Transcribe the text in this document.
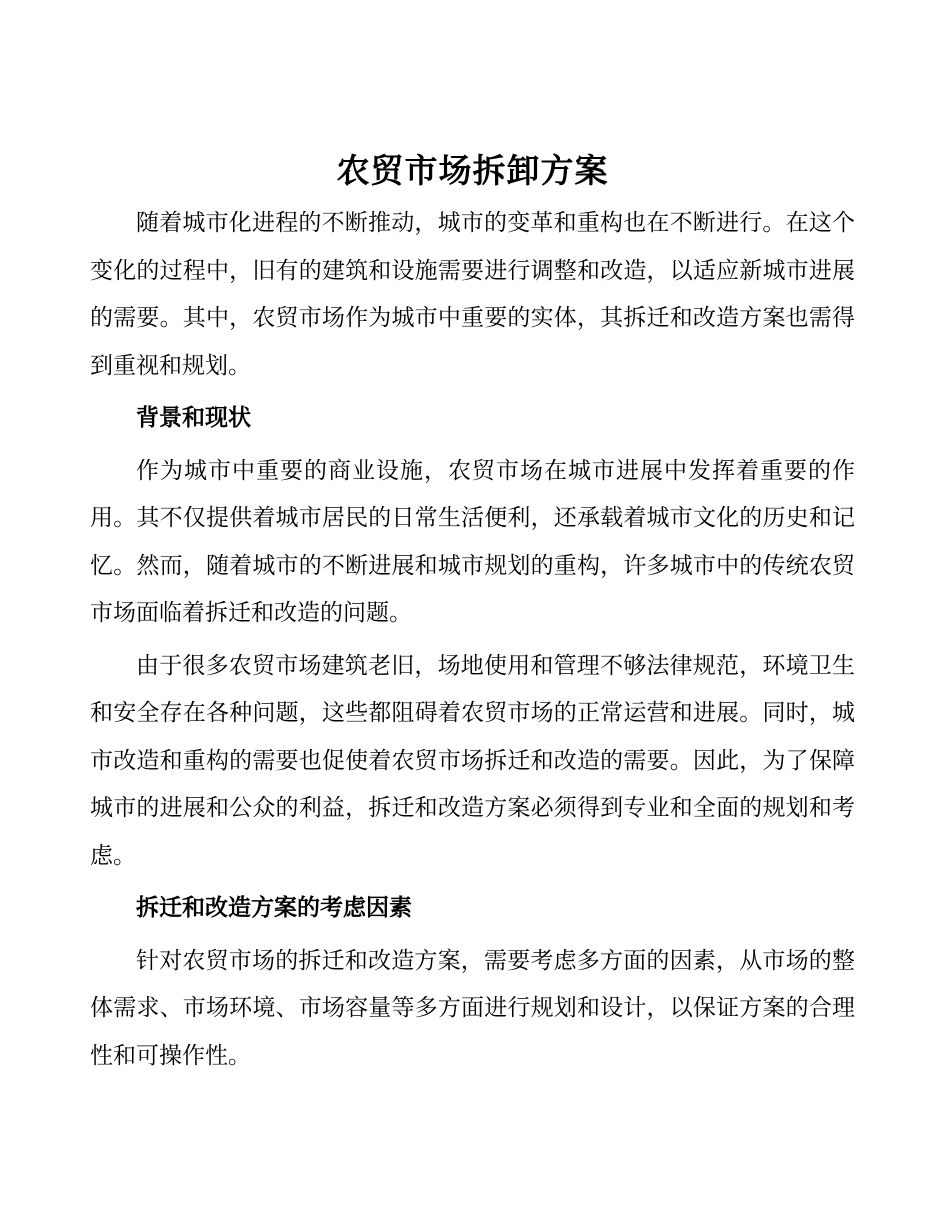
农贸市场拆卸方案

随着城市化进程的不断推动，城市的变革和重构也在不断进行。在这个变化的过程中，旧有的建筑和设施需要进行调整和改造，以适应新城市进展的需要。其中，农贸市场作为城市中重要的实体，其拆迁和改造方案也需得到重视和规划。

背景和现状

作为城市中重要的商业设施，农贸市场在城市进展中发挥着重要的作用。其不仅提供着城市居民的日常生活便利，还承载着城市文化的历史和记忆。然而，随着城市的不断进展和城市规划的重构，许多城市中的传统农贸市场面临着拆迁和改造的问题。

由于很多农贸市场建筑老旧，场地使用和管理不够法律规范，环境卫生和安全存在各种问题，这些都阻碍着农贸市场的正常运营和进展。同时，城市改造和重构的需要也促使着农贸市场拆迁和改造的需要。因此，为了保障城市的进展和公众的利益，拆迁和改造方案必须得到专业和全面的规划和考虑。

拆迁和改造方案的考虑因素

针对农贸市场的拆迁和改造方案，需要考虑多方面的因素，从市场的整体需求、市场环境、市场容量等多方面进行规划和设计，以保证方案的合理性和可操作性。
